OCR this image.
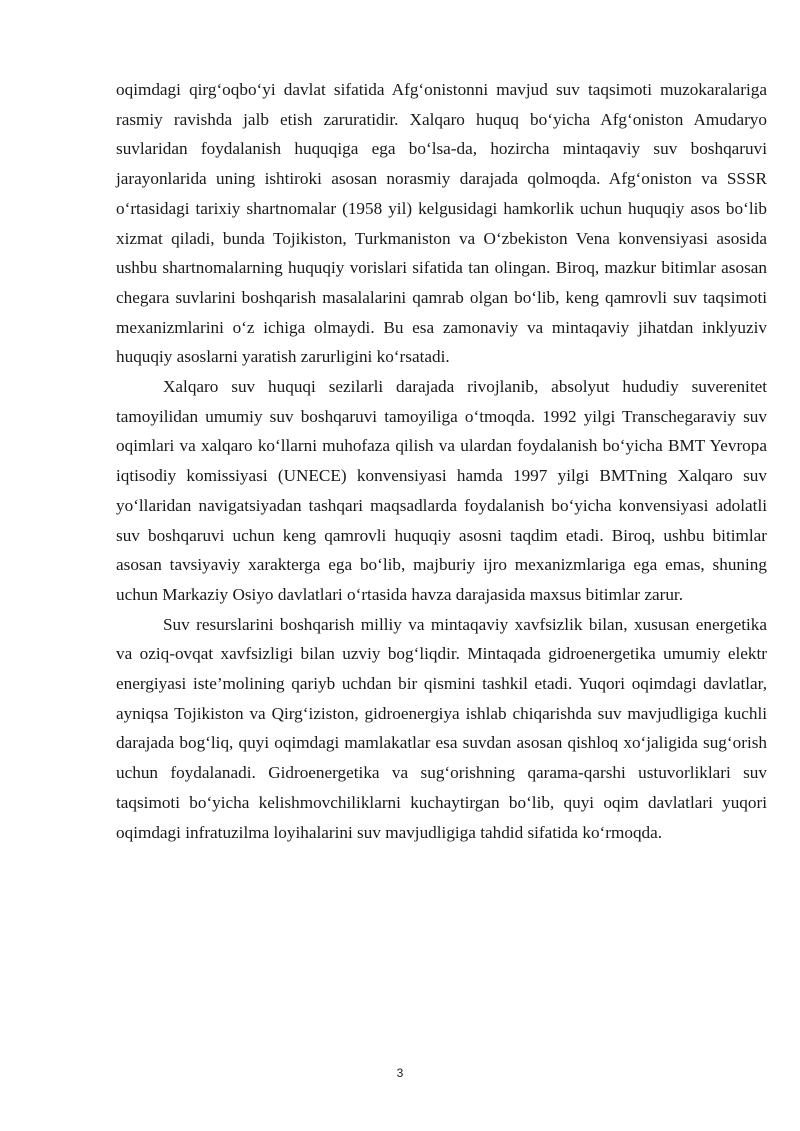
oqimdagi qirg‘oqbo‘yi davlat sifatida Afg‘onistonni mavjud suv taqsimoti muzokaralariga rasmiy ravishda jalb etish zaruratidir. Xalqaro huquq bo‘yicha Afg‘oniston Amudaryo suvlaridan foydalanish huquqiga ega bo‘lsa-da, hozircha mintaqaviy suv boshqaruvi jarayonlarida uning ishtiroki asosan norasmiy darajada qolmoqda. Afg‘oniston va SSSR o‘rtasidagi tarixiy shartnomalar (1958 yil) kelgusidagi hamkorlik uchun huquqiy asos bo‘lib xizmat qiladi, bunda Tojikiston, Turkmaniston va O‘zbekiston Vena konvensiyasi asosida ushbu shartnomalarning huquqiy vorislari sifatida tan olingan. Biroq, mazkur bitimlar asosan chegara suvlarini boshqarish masalalarini qamrab olgan bo‘lib, keng qamrovli suv taqsimoti mexanizmlarini o‘z ichiga olmaydi. Bu esa zamonaviy va mintaqaviy jihatdan inklyuziv huquqiy asoslarni yaratish zarurligini ko‘rsatadi.

Xalqaro suv huquqi sezilarli darajada rivojlanib, absolyut hududiy suverenitet tamoyilidan umumiy suv boshqaruvi tamoyiliga o‘tmoqda. 1992 yilgi Transchegaraviy suv oqimlari va xalqaro ko‘llarni muhofaza qilish va ulardan foydalanish bo‘yicha BMT Yevropa iqtisodiy komissiyasi (UNECE) konvensiyasi hamda 1997 yilgi BMTning Xalqaro suv yo‘llaridan navigatsiyadan tashqari maqsadlarda foydalanish bo‘yicha konvensiyasi adolatli suv boshqaruvi uchun keng qamrovli huquqiy asosni taqdim etadi. Biroq, ushbu bitimlar asosan tavsiyaviy xarakterga ega bo‘lib, majburiy ijro mexanizmlariga ega emas, shuning uchun Markaziy Osiyo davlatlari o‘rtasida havza darajasida maxsus bitimlar zarur.

Suv resurslarini boshqarish milliy va mintaqaviy xavfsizlik bilan, xususan energetika va oziq-ovqat xavfsizligi bilan uzviy bog‘liqdir. Mintaqada gidroenergetika umumiy elektr energiyasi iste’molining qariyb uchdan bir qismini tashkil etadi. Yuqori oqimdagi davlatlar, ayniqsa Tojikiston va Qirg‘iziston, gidroenergiya ishlab chiqarishda suv mavjudligiga kuchli darajada bog‘liq, quyi oqimdagi mamlakatlar esa suvdan asosan qishloq xo‘jaligida sug‘orish uchun foydalanadi. Gidroenergetika va sug‘orishning qarama-qarshi ustuvorliklari suv taqsimoti bo‘yicha kelishmovchiliklarni kuchaytirgan bo‘lib, quyi oqim davlatlari yuqori oqimdagi infratuzilma loyihalarini suv mavjudligiga tahdid sifatida ko‘rmoqda.

3
